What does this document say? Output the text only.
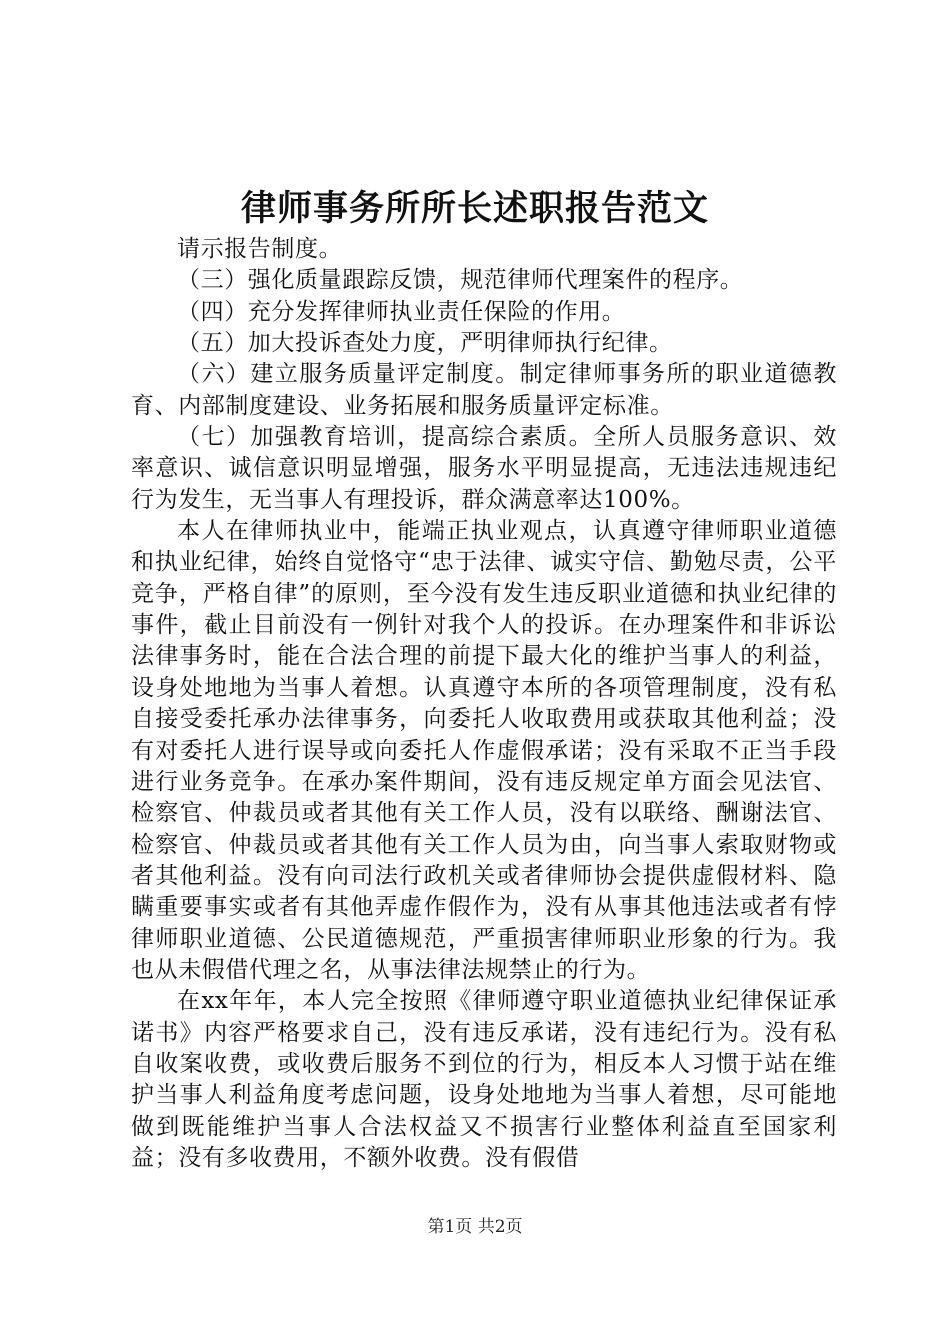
律师事务所所长述职报告范文

请示报告制度。

（三）强化质量跟踪反馈，规范律师代理案件的程序。

（四）充分发挥律师执业责任保险的作用。

（五）加大投诉查处力度，严明律师执行纪律。

（六）建立服务质量评定制度。制定律师事务所的职业道德教育、内部制度建设、业务拓展和服务质量评定标准。

（七）加强教育培训，提高综合素质。全所人员服务意识、效率意识、诚信意识明显增强，服务水平明显提高，无违法违规违纪行为发生，无当事人有理投诉，群众满意率达100%。

本人在律师执业中，能端正执业观点，认真遵守律师职业道德和执业纪律，始终自觉恪守“忠于法律、诚实守信、勤勉尽责，公平竞争，严格自律”的原则，至今没有发生违反职业道德和执业纪律的事件，截止目前没有一例针对我个人的投诉。在办理案件和非诉讼法律事务时，能在合法合理的前提下最大化的维护当事人的利益，设身处地地为当事人着想。认真遵守本所的各项管理制度，没有私自接受委托承办法律事务，向委托人收取费用或获取其他利益；没有对委托人进行误导或向委托人作虚假承诺；没有采取不正当手段进行业务竞争。在承办案件期间，没有违反规定单方面会见法官、检察官、仲裁员或者其他有关工作人员，没有以联络、酬谢法官、检察官、仲裁员或者其他有关工作人员为由，向当事人索取财物或者其他利益。没有向司法行政机关或者律师协会提供虚假材料、隐瞒重要事实或者有其他弄虚作假作为，没有从事其他违法或者有悖律师职业道德、公民道德规范，严重损害律师职业形象的行为。我也从未假借代理之名，从事法律法规禁止的行为。

在xx年年，本人完全按照《律师遵守职业道德执业纪律保证承诺书》内容严格要求自己，没有违反承诺，没有违纪行为。没有私自收案收费，或收费后服务不到位的行为，相反本人习惯于站在维护当事人利益角度考虑问题，设身处地地为当事人着想，尽可能地做到既能维护当事人合法权益又不损害行业整体利益直至国家利益；没有多收费用，不额外收费。没有假借

第1页 共2页
